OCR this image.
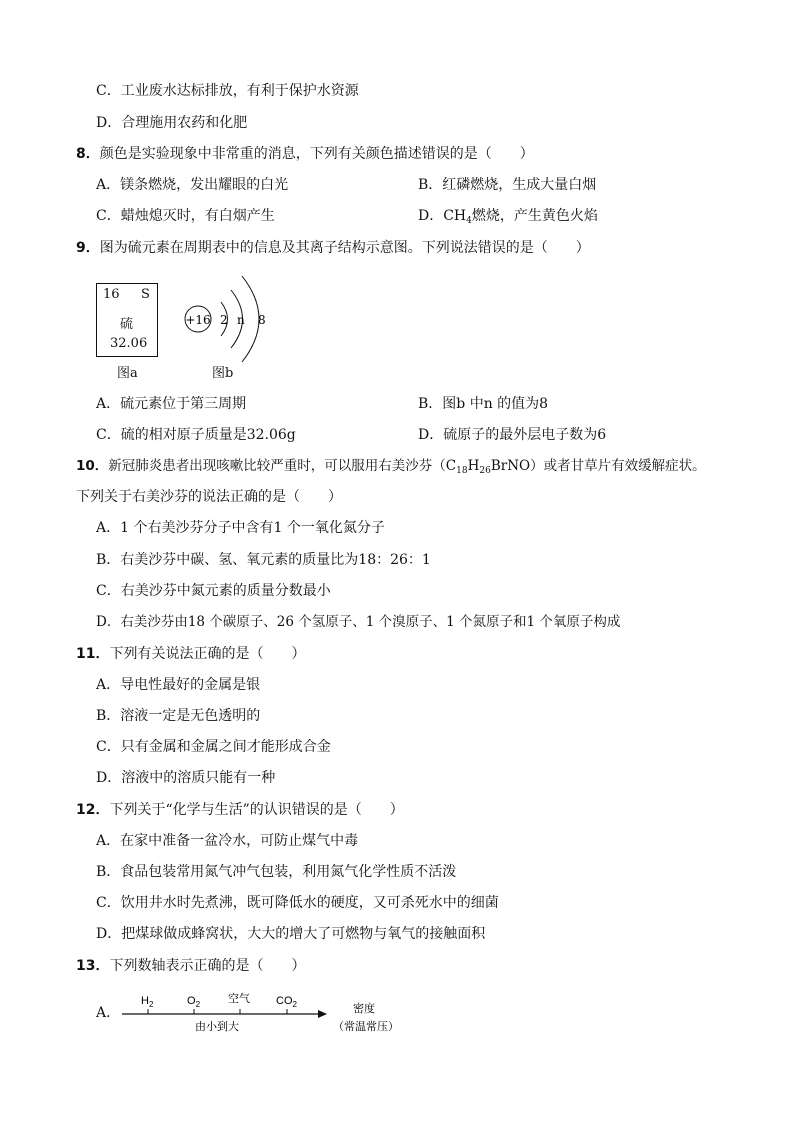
C．工业废水达标排放，有利于保护水资源
D．合理施用农药和化肥
8．颜色是实验现象中非常重的消息，下列有关颜色描述错误的是（　　）
A．镁条燃烧，发出耀眼的白光	B．红磷燃烧，生成大量白烟
C．蜡烛熄灭时，有白烟产生	D．$CH_4$燃烧，产生黄色火焰
9．图为硫元素在周期表中的信息及其离子结构示意图。下列说法错误的是（　　）
16 S
硫
32.06
图a
+16 2 n 8
图b
A．硫元素位于第三周期	B．图b 中n 的值为8
C．硫的相对原子质量是32.06g	D．硫原子的最外层电子数为6
10．新冠肺炎患者出现咳嗽比较严重时，可以服用右美沙芬$(C_{18}H_{26}BrNO)$或者甘草片有效缓解症状。
下列关于右美沙芬的说法正确的是（　　）
A．1 个右美沙芬分子中含有1 个一氧化氮分子
B．右美沙芬中碳、氢、氧元素的质量比为18：26：1
C．右美沙芬中氮元素的质量分数最小
D．右美沙芬由18 个碳原子、26 个氢原子、1 个溴原子、1 个氮原子和1 个氧原子构成
11．下列有关说法正确的是（　　）
A．导电性最好的金属是银
B．溶液一定是无色透明的
C．只有金属和金属之间才能形成合金
D．溶液中的溶质只能有一种
12．下列关于“化学与生活”的认识错误的是（　　）
A．在家中准备一盆冷水，可防止煤气中毒
B．食品包装常用氮气冲气包装，利用氮气化学性质不活泼
C．饮用井水时先煮沸，既可降低水的硬度，又可杀死水中的细菌
D．把煤球做成蜂窝状，大大的增大了可燃物与氧气的接触面积
13．下列数轴表示正确的是（　　）
A．
$H_2$	$O_2$	空气 $CO_2$
由小到大
密度
（常温常压）
